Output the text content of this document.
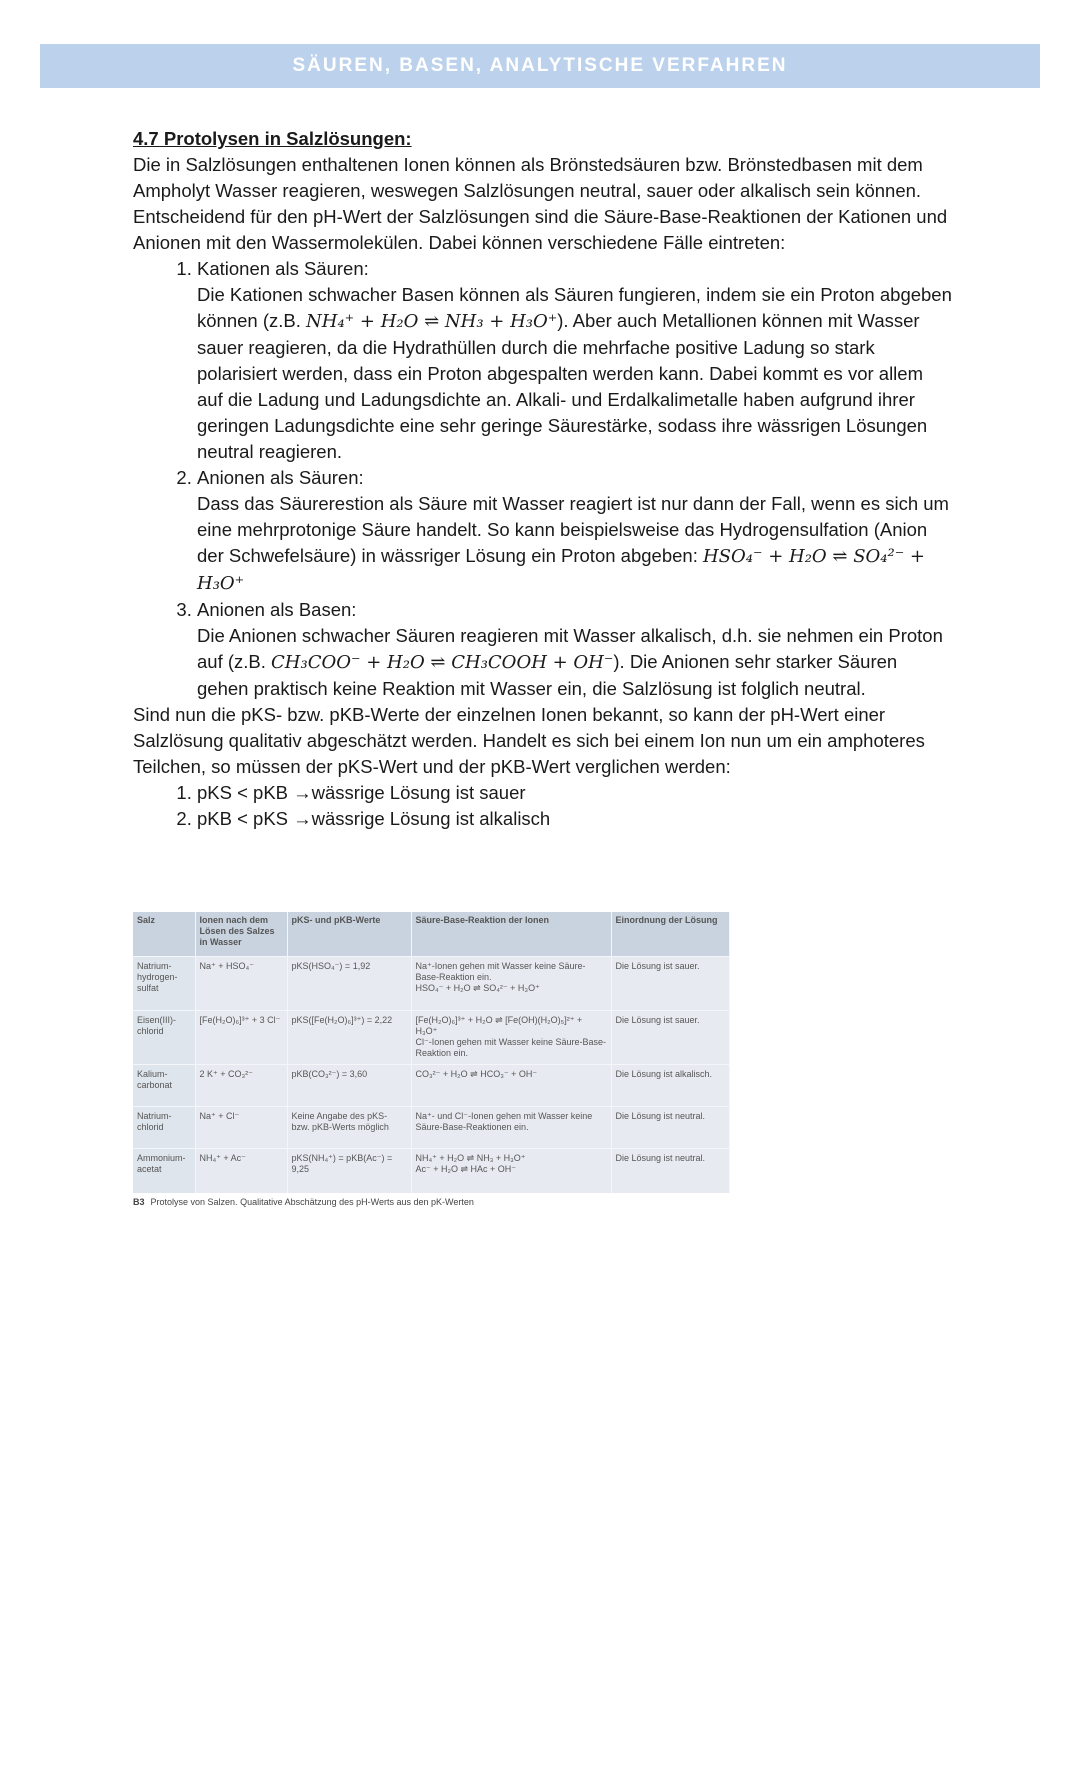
SÄUREN, BASEN, ANALYTISCHE VERFAHREN

4.7 Protolysen in Salzlösungen:

Die in Salzlösungen enthaltenen Ionen können als Brönstedsäuren bzw. Brönstedbasen mit dem Ampholyt Wasser reagieren, weswegen Salzlösungen neutral, sauer oder alkalisch sein können. Entscheidend für den pH-Wert der Salzlösungen sind die Säure-Base-Reaktionen der Kationen und Anionen mit den Wassermolekülen. Dabei können verschiedene Fälle eintreten:

1. Kationen als Säuren:
Die Kationen schwacher Basen können als Säuren fungieren, indem sie ein Proton abgeben können (z.B. NH₄⁺ + H₂O ⇌ NH₃ + H₃O⁺). Aber auch Metallionen können mit Wasser sauer reagieren, da die Hydrathüllen durch die mehrfache positive Ladung so stark polarisiert werden, dass ein Proton abgespalten werden kann. Dabei kommt es vor allem auf die Ladung und Ladungsdichte an. Alkali- und Erdalkalimetalle haben aufgrund ihrer geringen Ladungsdichte eine sehr geringe Säurestärke, sodass ihre wässrigen Lösungen neutral reagieren.
2. Anionen als Säuren:
Dass das Säurerestion als Säure mit Wasser reagiert ist nur dann der Fall, wenn es sich um eine mehrprotonige Säure handelt. So kann beispielsweise das Hydrogensulfation (Anion der Schwefelsäure) in wässriger Lösung ein Proton abgeben: HSO₄⁻ + H₂O ⇌ SO₄²⁻ + H₃O⁺
3. Anionen als Basen:
Die Anionen schwacher Säuren reagieren mit Wasser alkalisch, d.h. sie nehmen ein Proton auf (z.B. CH₃COO⁻ + H₂O ⇌ CH₃COOH + OH⁻). Die Anionen sehr starker Säuren gehen praktisch keine Reaktion mit Wasser ein, die Salzlösung ist folglich neutral.

Sind nun die pKS- bzw. pKB-Werte der einzelnen Ionen bekannt, so kann der pH-Wert einer Salzlösung qualitativ abgeschätzt werden. Handelt es sich bei einem Ion nun um ein amphoteres Teilchen, so müssen der pKS-Wert und der pKB-Wert verglichen werden:

1. pKS < pKB →wässrige Lösung ist sauer
2. pKB < pKS →wässrige Lösung ist alkalisch
Salz	Ionen nach dem Lösen des Salzes in Wasser	pKS- und pKB-Werte	Säure-Base-Reaktion der Ionen	Einordnung der Lösung
Natrium-hydrogen-sulfat	Na⁺ + HSO₄⁻	pKS(HSO₄⁻) = 1,92	Na⁺-Ionen gehen mit Wasser keine Säure-Base-Reaktion ein.
HSO₄⁻ + H₂O ⇌ SO₄²⁻ + H₃O⁺	Die Lösung ist sauer.
Eisen(III)-chlorid	[Fe(H₂O)₆]³⁺ + 3 Cl⁻	pKS([Fe(H₂O)₆]³⁺) = 2,22	[Fe(H₂O)₆]³⁺ + H₂O ⇌ [Fe(OH)(H₂O)₅]²⁺ + H₃O⁺
Cl⁻-Ionen gehen mit Wasser keine Säure-Base-Reaktion ein.	Die Lösung ist sauer.
Kalium-carbonat	2 K⁺ + CO₃²⁻	pKB(CO₃²⁻) = 3,60	CO₃²⁻ + H₂O ⇌ HCO₃⁻ + OH⁻	Die Lösung ist alkalisch.
Natrium-chlorid	Na⁺ + Cl⁻	Keine Angabe des pKS- bzw. pKB-Werts möglich	Na⁺- und Cl⁻-Ionen gehen mit Wasser keine Säure-Base-Reaktionen ein.	Die Lösung ist neutral.
Ammonium-acetat	NH₄⁺ + Ac⁻	pKS(NH₄⁺) = pKB(Ac⁻) = 9,25	NH₄⁺ + H₂O ⇌ NH₃ + H₃O⁺
Ac⁻ + H₂O ⇌ HAc + OH⁻	Die Lösung ist neutral.
B3 Protolyse von Salzen. Qualitative Abschätzung des pH-Werts aus den pK-Werten
